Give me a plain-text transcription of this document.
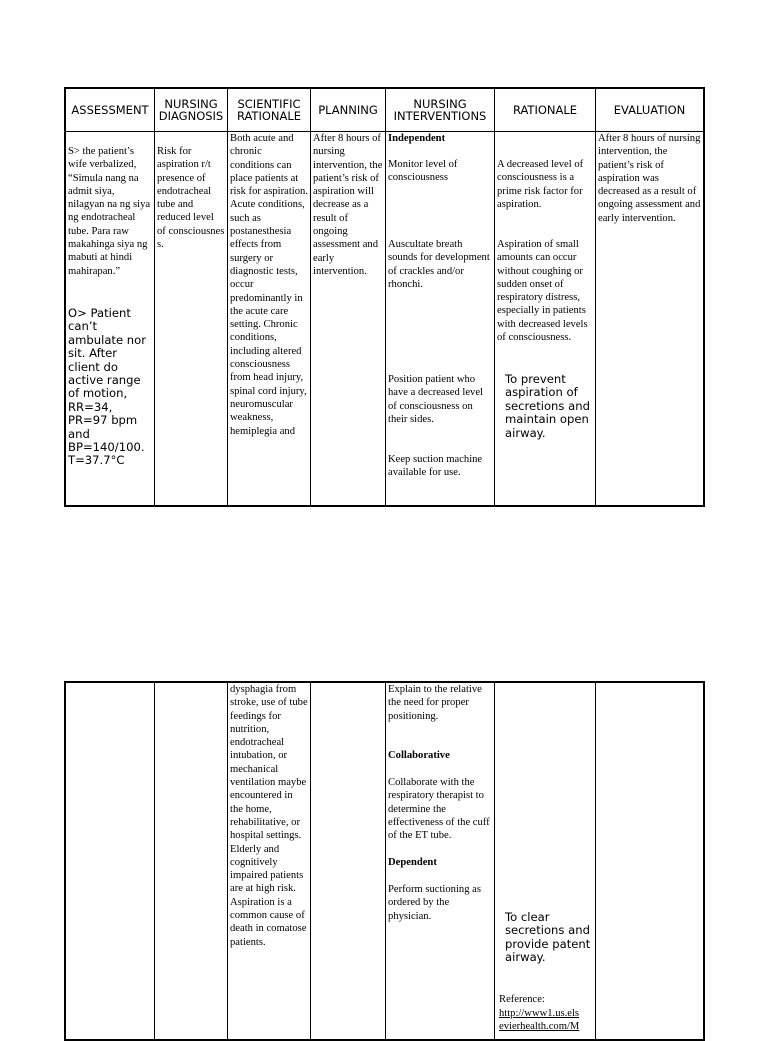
ASSESSMENT

S> the patient’s wife verbalized, “Simula nang na admit siya, nilagyan na ng siya ng endotracheal tube. Para raw makahinga siya ng mabuti at hindi mahirapan.”

O> Patient can’t ambulate nor sit. After client do active range of motion, RR=34, PR=97 bpm and BP=140/100. T=37.7°C

NURSING DIAGNOSIS

Risk for aspiration r/t presence of endotracheal tube and reduced level of consciousnes s.

SCIENTIFIC RATIONALE

Both acute and chronic conditions can place patients at risk for aspiration. Acute conditions, such as postanesthesia effects from surgery or diagnostic tests, occur predominantly in the acute care setting. Chronic conditions, including altered consciousness from head injury, spinal cord injury, neuromuscular weakness, hemiplegia and

PLANNING

After 8 hours of nursing intervention, the patient’s risk of aspiration will decrease as a result of ongoing assessment and early intervention.

NURSING INTERVENTIONS

Independent

Monitor level of consciousness

Auscultate breath sounds for development of crackles and/or rhonchi.

Position patient who have a decreased level of consciousness on their sides.

Keep suction machine available for use.

RATIONALE

A decreased level of consciousness is a prime risk factor for aspiration.

Aspiration of small amounts can occur without coughing or sudden onset of respiratory distress, especially in patients with decreased levels of consciousness.

To prevent aspiration of secretions and maintain open airway.

EVALUATION

After 8 hours of nursing intervention, the patient’s risk of aspiration was decreased as a result of ongoing assessment and early intervention.

dysphagia from stroke, use of tube feedings for nutrition, endotracheal intubation, or mechanical ventilation maybe encountered in the home, rehabilitative, or hospital settings. Elderly and cognitively impaired patients are at high risk. Aspiration is a common cause of death in comatose patients.

Explain to the relative the need for proper positioning.

Collaborative

Collaborate with the respiratory therapist to determine the effectiveness of the cuff of the ET tube.

Dependent

Perform suctioning as ordered by the physician.	To clear secretions and provide patent airway.

Reference:

http://www1.us.els evierhealth.com/M
